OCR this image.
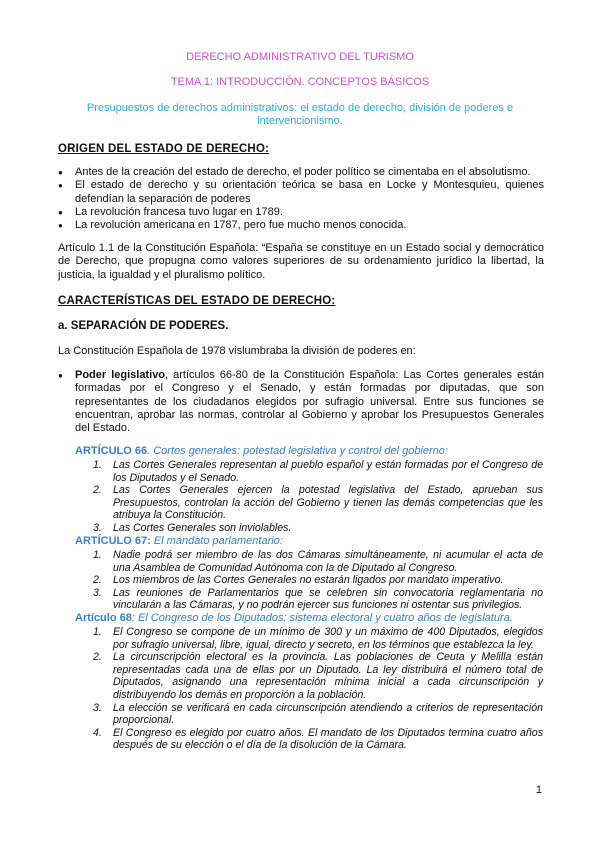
DERECHO ADMINISTRATIVO DEL TURISMO
TEMA 1: INTRODUCCIÓN. CONCEPTOS BÁSICOS
Presupuestos de derechos administrativos: el estado de derecho, división de poderes e intervencionismo.
ORIGEN DEL ESTADO DE DERECHO:
● Antes de la creación del estado de derecho, el poder político se cimentaba en el absolutismo.
● El estado de derecho y su orientación teórica se basa en Locke y Montesquieu, quienes defendían la separación de poderes
● La revolución francesa tuvo lugar en 1789.
● La revolución americana en 1787, pero fue mucho menos conocida.
Artículo 1.1 de la Constitución Española: “España se constituye en un Estado social y democrático de Derecho, que propugna como valores superiores de su ordenamiento jurídico la libertad, la justicia, la igualdad y el pluralismo político.
CARACTERÍSTICAS DEL ESTADO DE DERECHO:
a. SEPARACIÓN DE PODERES.
La Constitución Española de 1978 vislumbraba la división de poderes en:
● Poder legislativo, artículos 66-80 de la Constitución Española: Las Cortes generales están formadas por el Congreso y el Senado, y están formadas por diputadas, que son representantes de los ciudadanos elegidos por sufragio universal. Entre sus funciones se encuentran, aprobar las normas, controlar al Gobierno y aprobar los Presupuestos Generales del Estado.
ARTÍCULO 66. Cortes generales: potestad legislativa y control del gobierno:
1. Las Cortes Generales representan al pueblo español y están formadas por el Congreso de los Diputados y el Senado.
2. Las Cortes Generales ejercen la potestad legislativa del Estado, aprueban sus Presupuestos, controlan la acción del Gobierno y tienen las demás competencias que les atribuya la Constitución.
3. Las Cortes Generales son inviolables.
ARTÍCULO 67: El mandato parlamentario:
1. Nadie podrá ser miembro de las dos Cámaras simultáneamente, ni acumular el acta de una Asamblea de Comunidad Autónoma con la de Diputado al Congreso.
2. Los miembros de las Cortes Generales no estarán ligados por mandato imperativo.
3. Las reuniones de Parlamentarios que se celebren sin convocatoria reglamentaria no vincularán a las Cámaras, y no podrán ejercer sus funciones ni ostentar sus privilegios.
Artículo 68: El Congreso de los Diputados; sistema electoral y cuatro años de legislatura.
1. El Congreso se compone de un mínimo de 300 y un máximo de 400 Diputados, elegidos por sufragio universal, libre, igual, directo y secreto, en los términos que establezca la ley.
2. La circunscripción electoral es la provincia. Las poblaciones de Ceuta y Melilla están representadas cada una de ellas por un Diputado. La ley distribuirá el número total de Diputados, asignando una representación mínima inicial a cada circunscripción y distribuyendo los demás en proporción a la población.
3. La elección se verificará en cada circunscripción atendiendo a criterios de representación proporcional.
4. El Congreso es elegido por cuatro años. El mandato de los Diputados termina cuatro años después de su elección o el día de la disolución de la Cámara.
1
